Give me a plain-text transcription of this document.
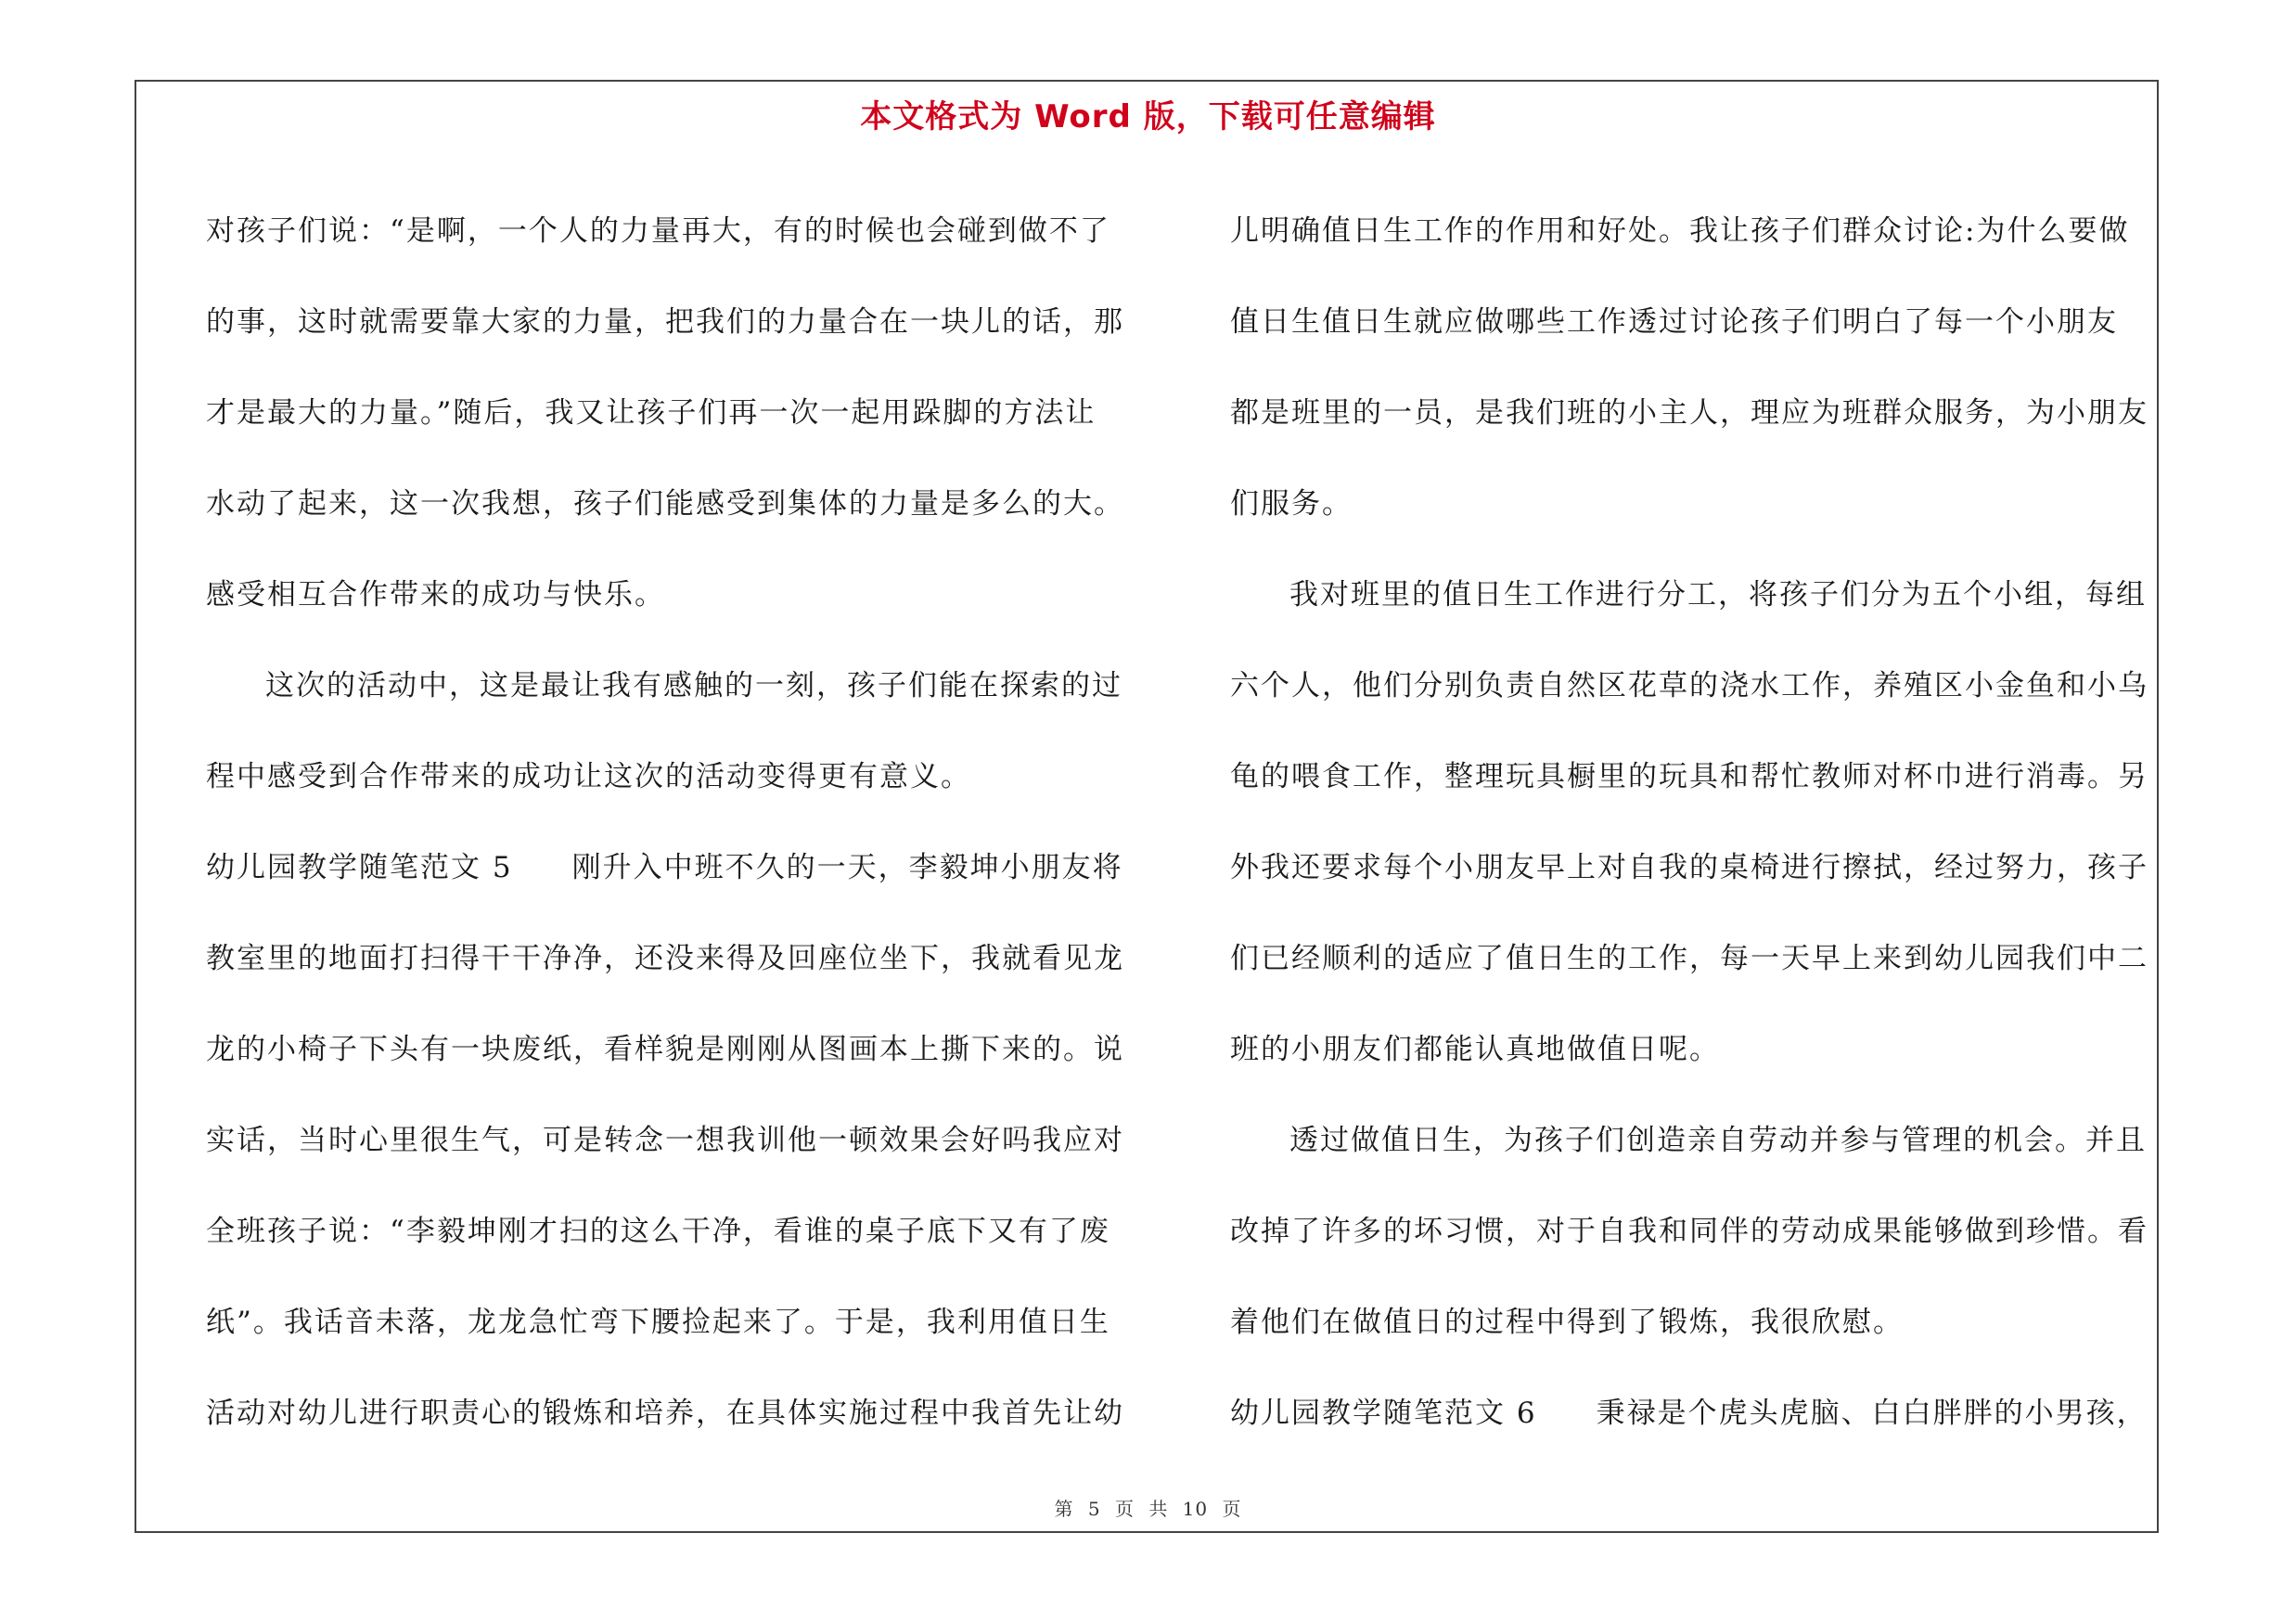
本文格式为 Word 版，下载可任意编辑
对孩子们说：“是啊，一个人的力量再大，有的时候也会碰到做不了
的事，这时就需要靠大家的力量，把我们的力量合在一块儿的话，那
才是最大的力量。”随后，我又让孩子们再一次一起用跺脚的方法让
水动了起来，这一次我想，孩子们能感受到集体的力量是多么的大。
感受相互合作带来的成功与快乐。
这次的活动中，这是最让我有感触的一刻，孩子们能在探索的过
程中感受到合作带来的成功让这次的活动变得更有意义。
幼儿园教学随笔范文 5 刚升入中班不久的一天，李毅坤小朋友将
教室里的地面打扫得干干净净，还没来得及回座位坐下，我就看见龙
龙的小椅子下头有一块废纸，看样貌是刚刚从图画本上撕下来的。说
实话，当时心里很生气，可是转念一想我训他一顿效果会好吗我应对
全班孩子说：“李毅坤刚才扫的这么干净，看谁的桌子底下又有了废
纸”。我话音未落，龙龙急忙弯下腰捡起来了。于是，我利用值日生
活动对幼儿进行职责心的锻炼和培养，在具体实施过程中我首先让幼
儿明确值日生工作的作用和好处。我让孩子们群众讨论:为什么要做
值日生值日生就应做哪些工作透过讨论孩子们明白了每一个小朋友
都是班里的一员，是我们班的小主人，理应为班群众服务，为小朋友
们服务。
我对班里的值日生工作进行分工，将孩子们分为五个小组，每组
六个人，他们分别负责自然区花草的浇水工作，养殖区小金鱼和小乌
龟的喂食工作，整理玩具橱里的玩具和帮忙教师对杯巾进行消毒。另
外我还要求每个小朋友早上对自我的桌椅进行擦拭，经过努力，孩子
们已经顺利的适应了值日生的工作，每一天早上来到幼儿园我们中二
班的小朋友们都能认真地做值日呢。
透过做值日生，为孩子们创造亲自劳动并参与管理的机会。并且
改掉了许多的坏习惯，对于自我和同伴的劳动成果能够做到珍惜。看
着他们在做值日的过程中得到了锻炼，我很欣慰。
幼儿园教学随笔范文 6 秉禄是个虎头虎脑、白白胖胖的小男孩，
第 5 页 共 10 页
